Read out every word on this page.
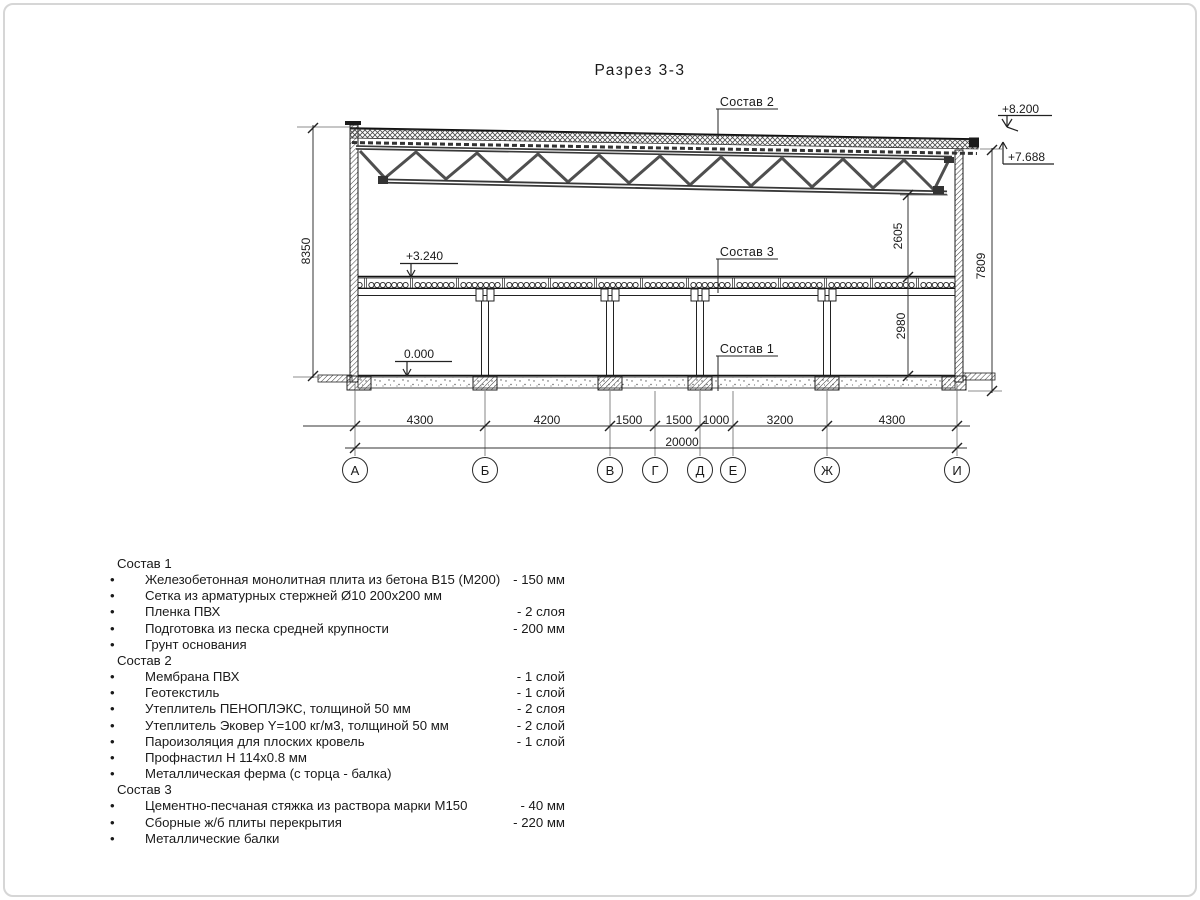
Разрез 3-3
Состав 2
Состав 3
Состав 1
+8.200
+7.688
+3.240
0.000
8350
2605
2980
7809
4300	4200	1500	1500 1000	3200	4300
20000
А	Б	В	Г	Д	Е	Ж	И
Состав 1
•	Железобетонная монолитная плита из бетона В15 (М200) - 150 мм
•	Сетка из арматурных стержней Ø10 200х200 мм
•	Пленка ПВХ	- 2 слоя
•	Подготовка из песка средней крупности	- 200 мм
•	Грунт основания
Состав 2
•	Мембрана ПВХ	- 1 слой
•	Геотекстиль	- 1 слой
•	Утеплитель ПЕНОПЛЭКС, толщиной 50 мм	- 2 слоя
•	Утеплитель Эковер Y=100 кг/м3, толщиной 50 мм	- 2 слой
•	Пароизоляция для плоских кровель	- 1 слой
•	Профнастил Н 114х0.8 мм
•	Металлическая ферма (с торца - балка)
Состав 3
•	Цементно-песчаная стяжка из раствора марки М150	- 40 мм
•	Сборные ж/б плиты перекрытия	- 220 мм
•	Металлические балки
